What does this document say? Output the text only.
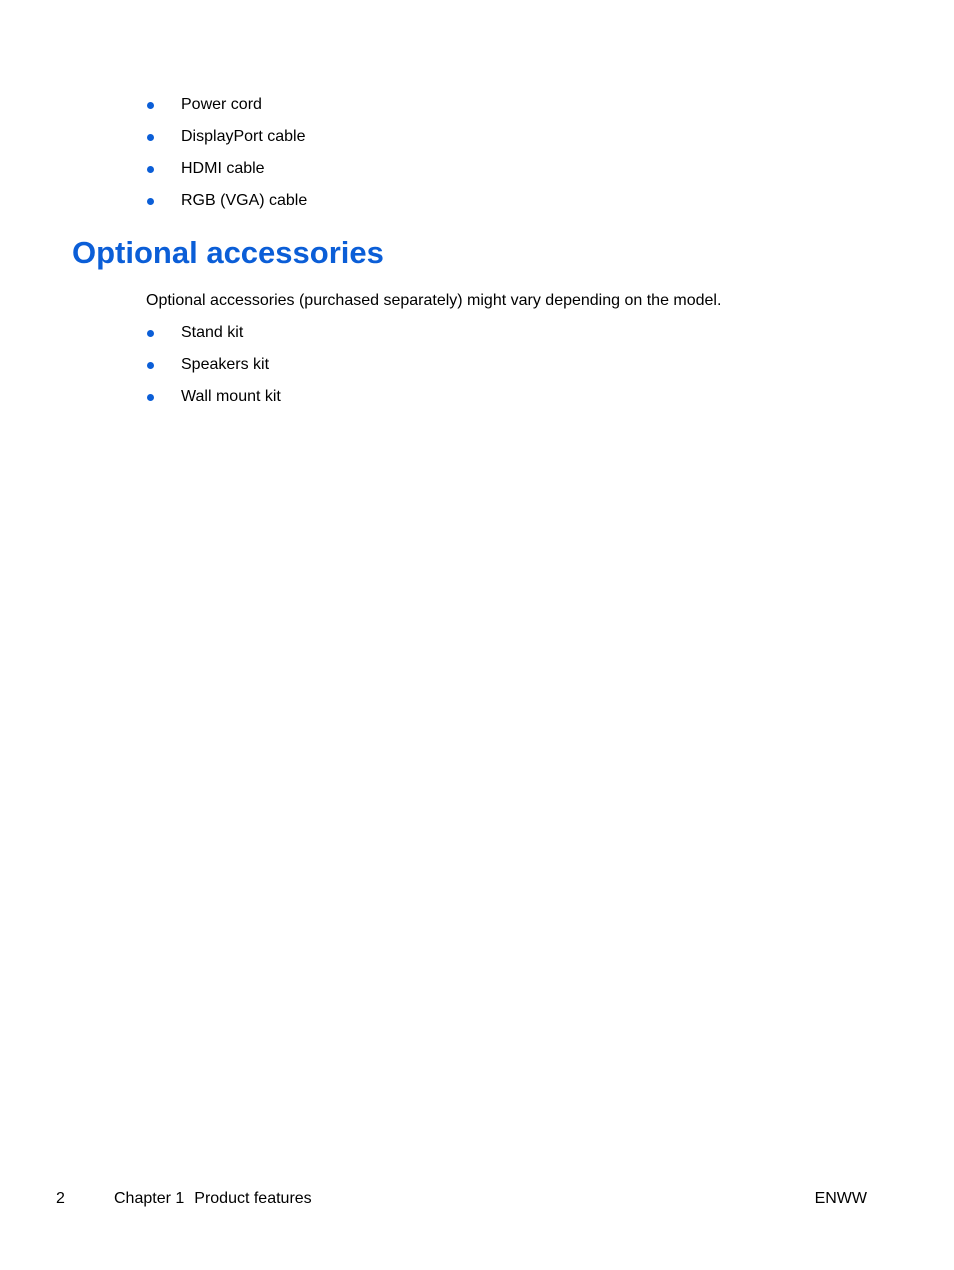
Power cord
DisplayPort cable
HDMI cable
RGB (VGA) cable
Optional accessories

Optional accessories (purchased separately) might vary depending on the model.

Stand kit
Speakers kit
Wall mount kit
2	Chapter 1 Product features	ENWW
